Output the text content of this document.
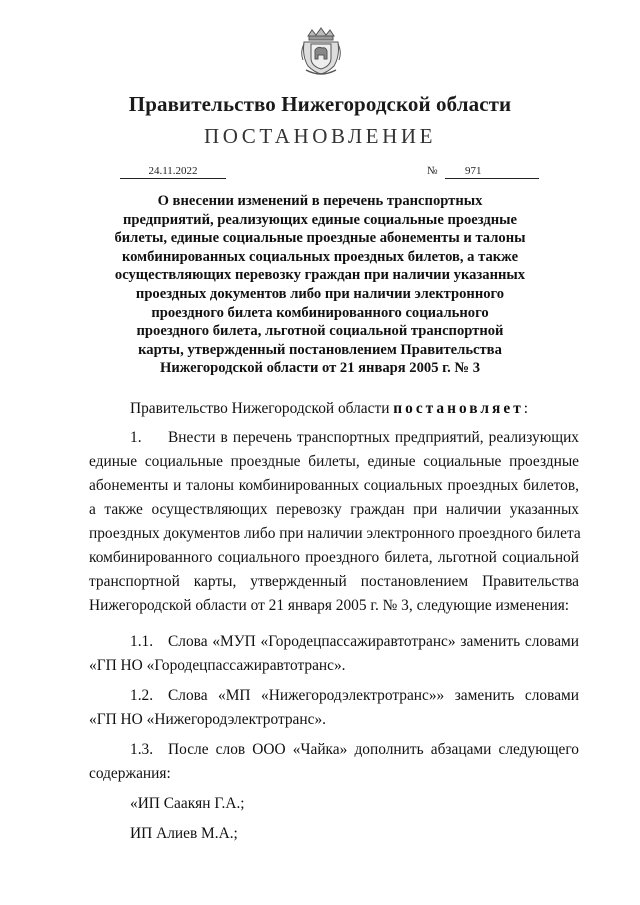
Правительство Нижегородской области
ПОСТАНОВЛЕНИЕ
24.11.2022	№	971
О внесении изменений в перечень транспортных
предприятий, реализующих единые социальные проездные
билеты, единые социальные проездные абонементы и талоны
комбинированных социальных проездных билетов, а также
осуществляющих перевозку граждан при наличии указанных
проездных документов либо при наличии электронного
проездного билета комбинированного социального
проездного билета, льготной социальной транспортной
карты, утвержденный постановлением Правительства
Нижегородской области от 21 января 2005 г. № 3
Правительство Нижегородской области постановляет:
1. Внести в перечень транспортных предприятий, реализующих
единые социальные проездные билеты, единые социальные проездные
абонементы и талоны комбинированных социальных проездных билетов,
а также осуществляющих перевозку граждан при наличии указанных
проездных документов либо при наличии электронного проездного билета
комбинированного социального проездного билета, льготной социальной
транспортной карты, утвержденный постановлением Правительства
Нижегородской области от 21 января 2005 г. № 3, следующие изменения:
1.1. Слова «МУП «Городецпассажиравтотранс» заменить словами
«ГП НО «Городецпассажиравтотранс».
1.2. Слова «МП «Нижегородэлектротранс»» заменить словами
«ГП НО «Нижегородэлектротранс».
1.3. После слов ООО «Чайка» дополнить абзацами следующего
содержания:
«ИП Саакян Г.А.;
ИП Алиев М.А.;
